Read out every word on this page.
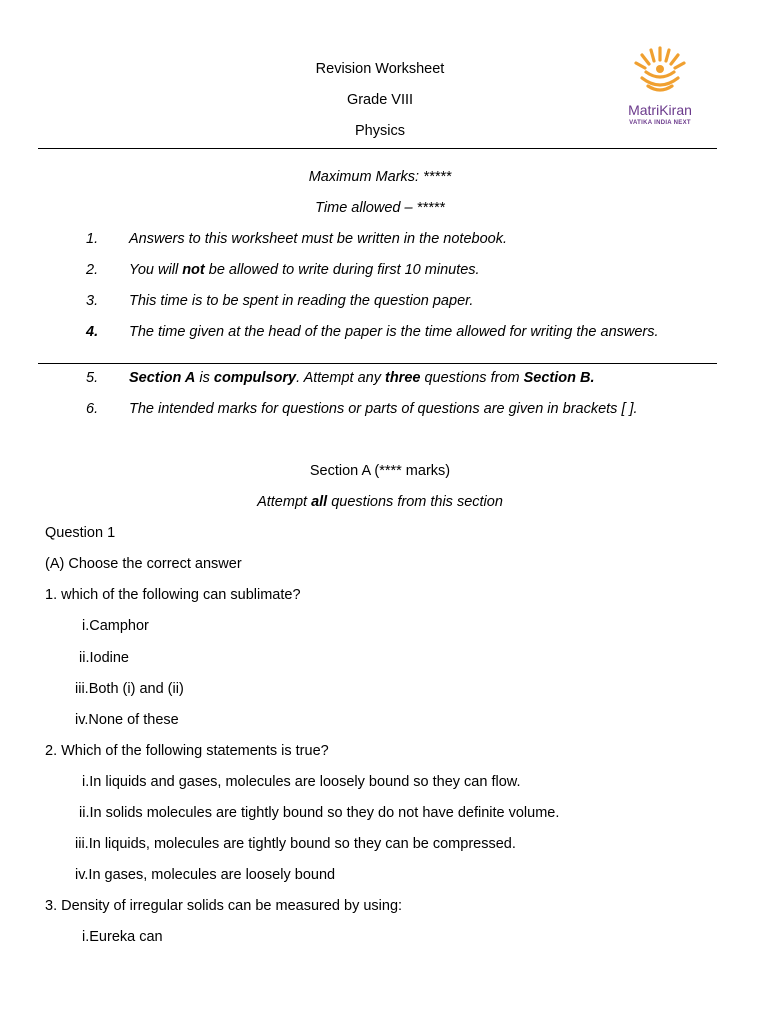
Revision Worksheet
Grade VIII
Physics
MatriKiran
VATIKA INDIA NEXT
Maximum Marks: *****
Time allowed – *****
1.	Answers to this worksheet must be written in the notebook.
2.	You will not be allowed to write during first 10 minutes.
3.	This time is to be spent in reading the question paper.
4.	The time given at the head of the paper is the time allowed for writing the answers.
5.	Section A is compulsory. Attempt any three questions from Section B.
6.	The intended marks for questions or parts of questions are given in brackets [ ].
Section A (**** marks)
Attempt all questions from this section
Question 1
(A) Choose the correct answer
1. which of the following can sublimate?
i.Camphor
ii.Iodine
iii.Both (i) and (ii)
iv.None of these
2. Which of the following statements is true?
i.In liquids and gases, molecules are loosely bound so they can flow.
ii.In solids molecules are tightly bound so they do not have definite volume.
iii.In liquids, molecules are tightly bound so they can be compressed.
iv.In gases, molecules are loosely bound
3. Density of irregular solids can be measured by using:
i.Eureka can
